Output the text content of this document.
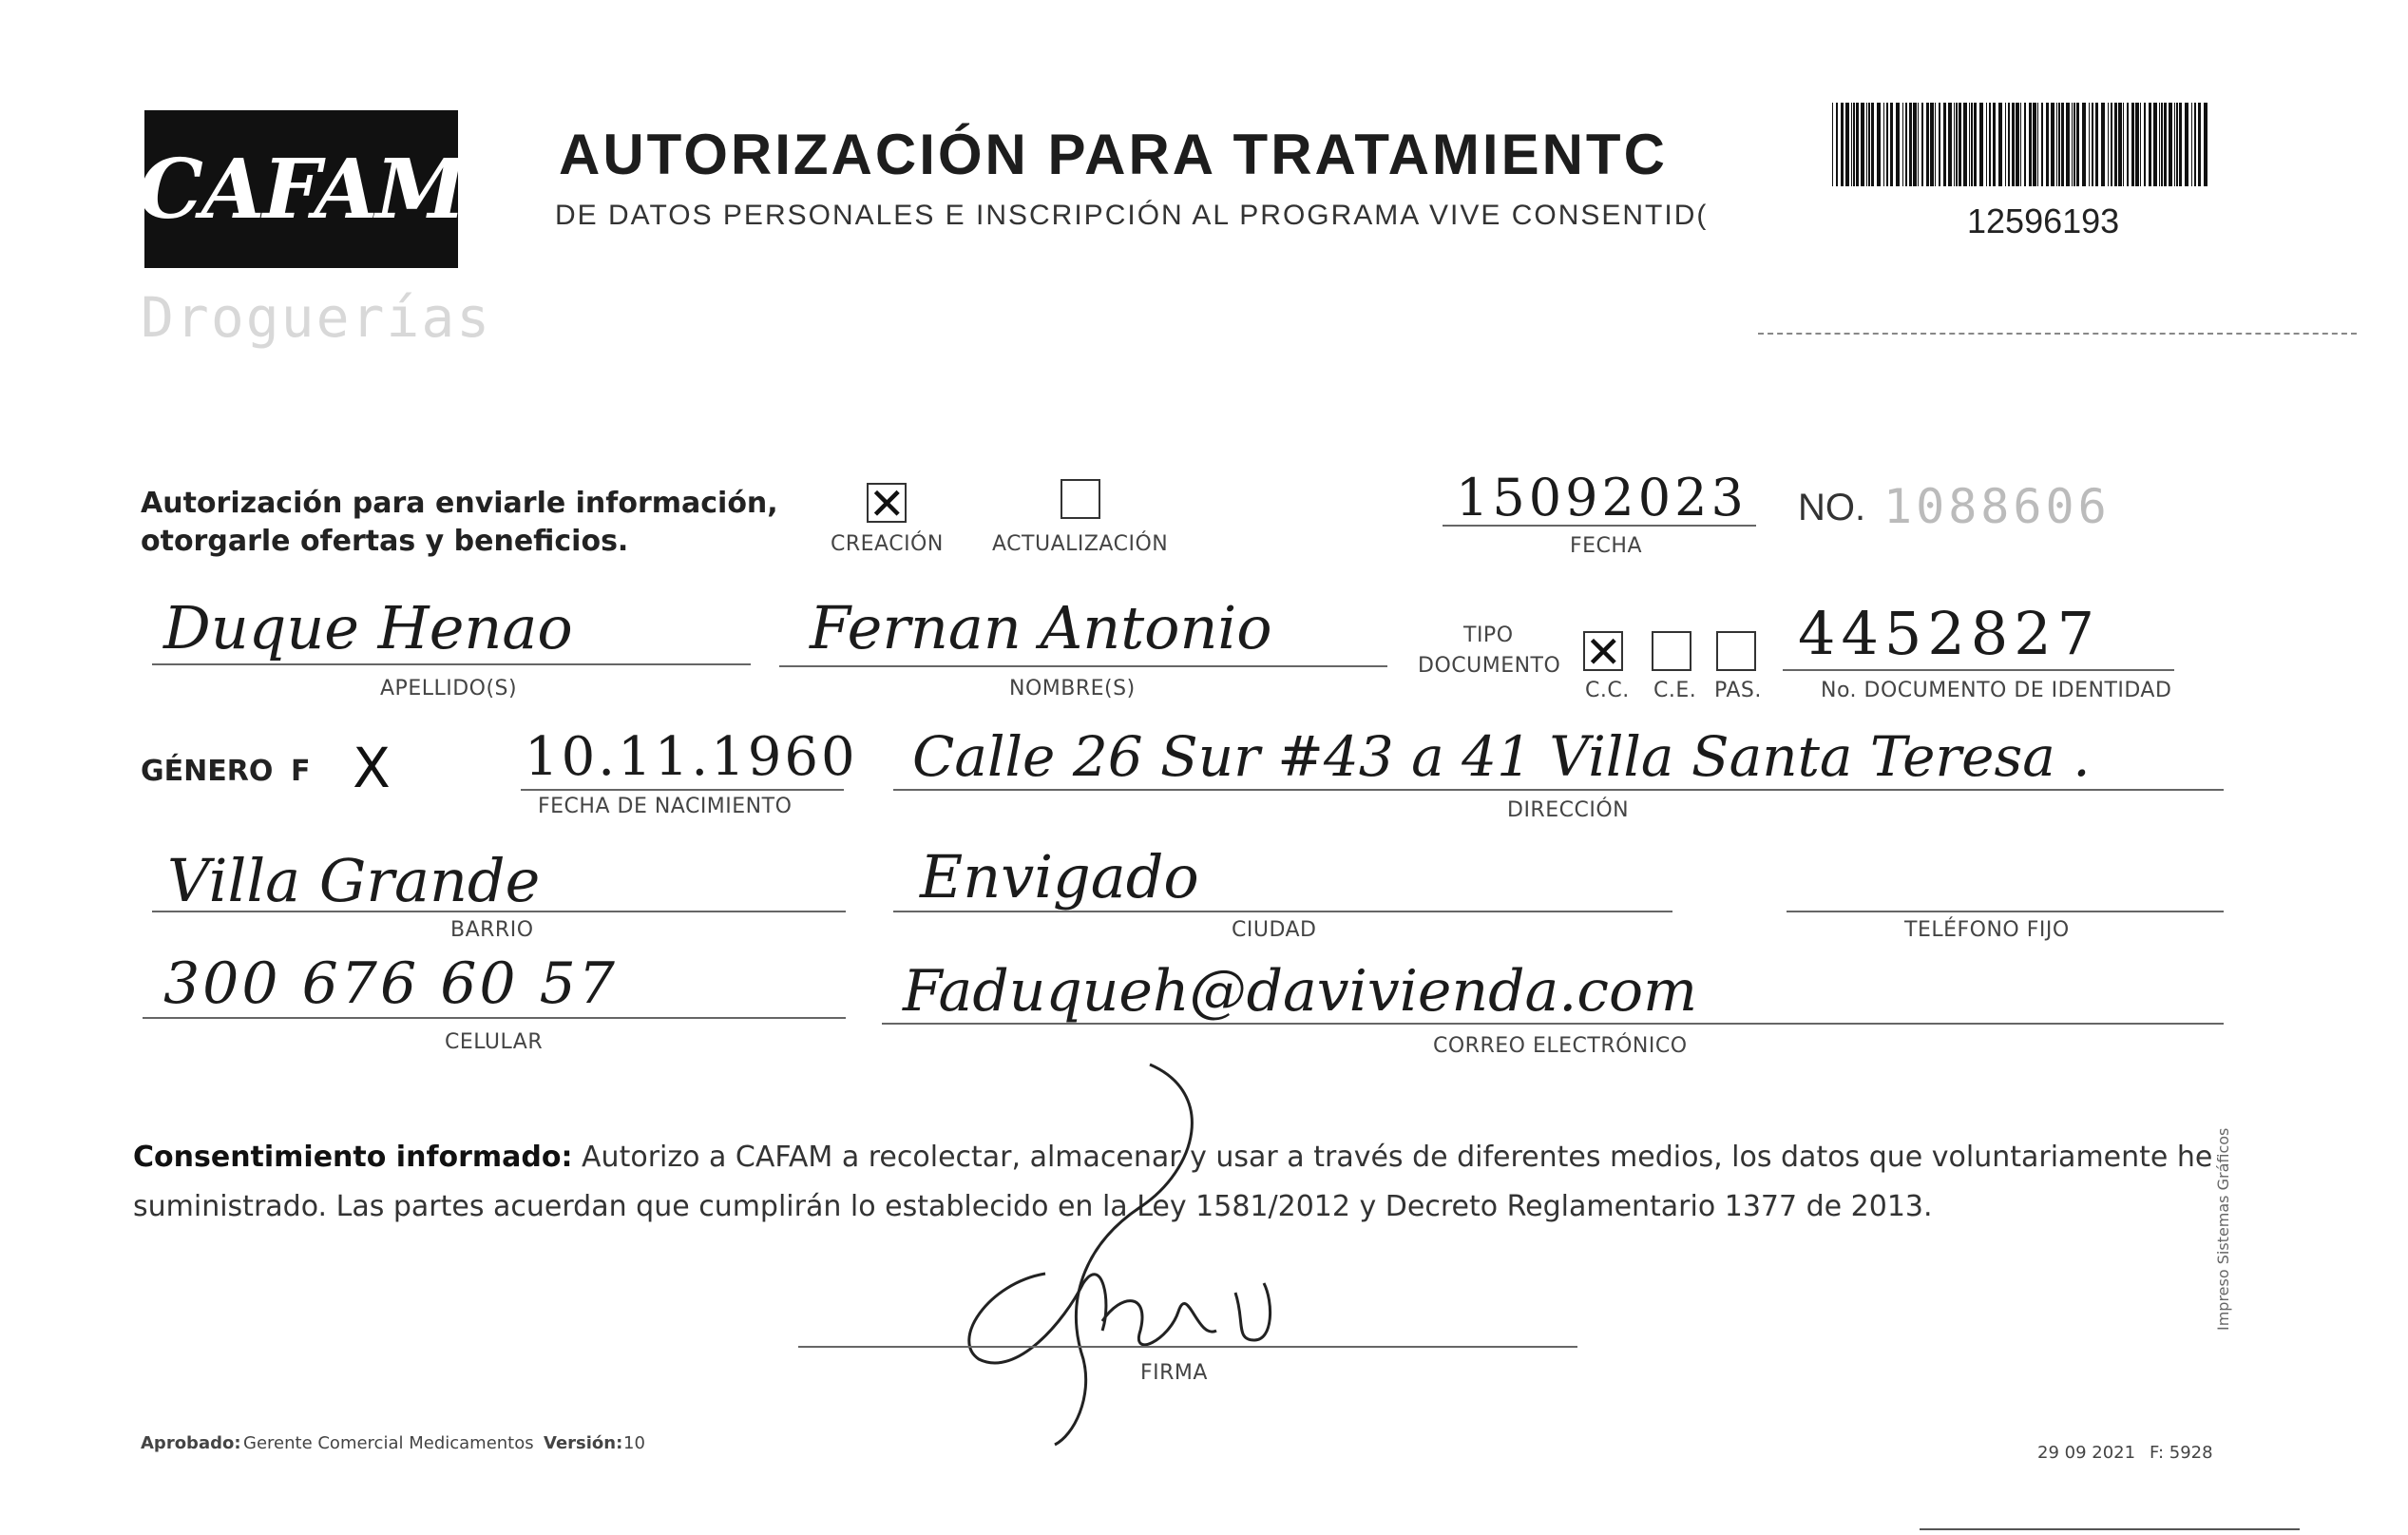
CAFAM
Droguerías
AUTORIZACIÓN PARA TRATAMIENTC
DE DATOS PERSONALES E INSCRIPCIÓN AL PROGRAMA VIVE CONSENTID(	12596193
Autorización para enviarle información,
otorgarle ofertas y beneficios.
✕
CREACIÓN ACTUALIZACIÓN
15092023
FECHA
NO. 1088606
Duque Henao
APELLIDO(S)
Fernan Antonio
NOMBRE(S)
TIPO
DOCUMENTO ✕
C.C. C.E. PAS.
4452827
No. DOCUMENTO DE IDENTIDAD
GÉNERO F X	10.11.1960
FECHA DE NACIMIENTO
Calle 26 Sur #43 a 41 Villa Santa Teresa .
DIRECCIÓN
Villa Grande
BARRIO
Envigado
CIUDAD	TELÉFONO FIJO
300 676 60 57
CELULAR
Faduqueh@davivienda.com
CORREO ELECTRÓNICO
Consentimiento informado: Autorizo a CAFAM a recolectar, almacenar y usar a través de diferentes medios, los datos que voluntariamente he suministrado. Las partes acuerdan que cumplirán lo establecido en la Ley 1581/2012 y Decreto Reglamentario 1377 de 2013.
FIRMA
Aprobado: Gerente Comercial Medicamentos Versión: 10	29 09 2021 F: 5928
Impreso Sistemas Gráficos
